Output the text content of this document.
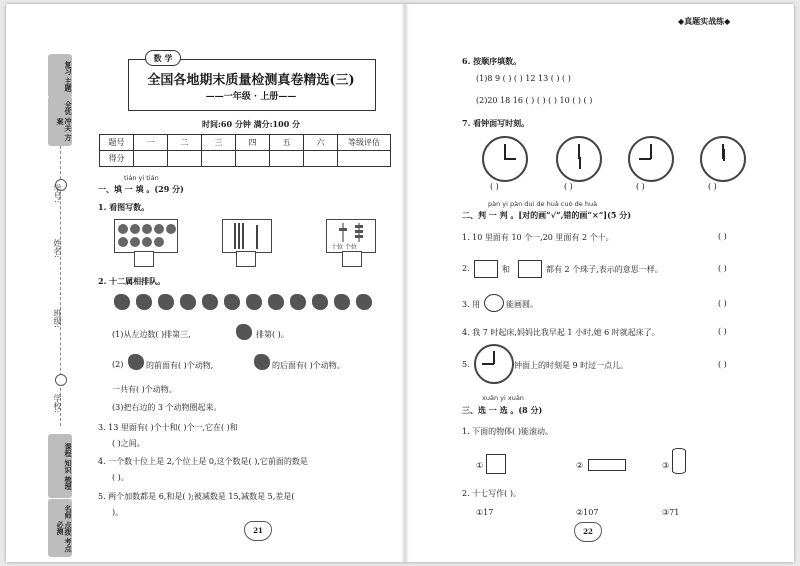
复习 主题
全优 冲关 方案
学号:
姓名:
班级:
学校:
课程 知识 梳理
名师 点拨 考点 必测
数 学
全国各地期末质量检测真卷精选(三)
——一年级 · 上册——
时间:60 分钟 满分:100 分
题号	一	二	三	四	五	六	等级评估
得分							
tián yi tián
一、填 一 填 。(29 分)
1. 看图写数。
十位 个位
2. 十二属相排队。
(1)从左边数( )排第三,	排第( )。
(2)	的前面有( )个动物,	的后面有( )个动物。
一共有( )个动物。
(3)把右边的 3 个动物圈起来。
3. 13 里面有( )个十和( )个一,它在( )和
( )之间。
4. 一个数十位上是 2,个位上是 0,这个数是( ),它前面的数是
( )。
5. 两个加数都是 6,和是( );被减数是 15,减数是 5,差是(
)。
21
◆真题实战练◆
6. 按顺序填数。
(1)8 9 ( ) ( ) 12 13 ( ) ( )
(2)20 18 16 ( ) ( ) ( ) 10 ( ) ( )
7. 看钟面写时刻。
( )	( )	( )	( )
pàn yi pàn duì de huà cuò de huà
二、判 一 判 。[对的画“√”,错的画“×”](5 分)
1. 10 里面有 10 个一,20 里面有 2 个十。	( )
2.	和	都有 2 个珠子,表示的意思一样。	( )
3. 用	能画圆。	( )
4. 我 7 时起床,妈妈比我早起 1 小时,她 6 时就起床了。	( )
5.	钟面上的时刻是 9 时过一点儿。	( )
xuǎn yi xuǎn
三、选 一 选 。(8 分)
1. 下面的物体( )能滚动。
①	②	③
2. 十七写作( )。
①17	②107	③71
22
